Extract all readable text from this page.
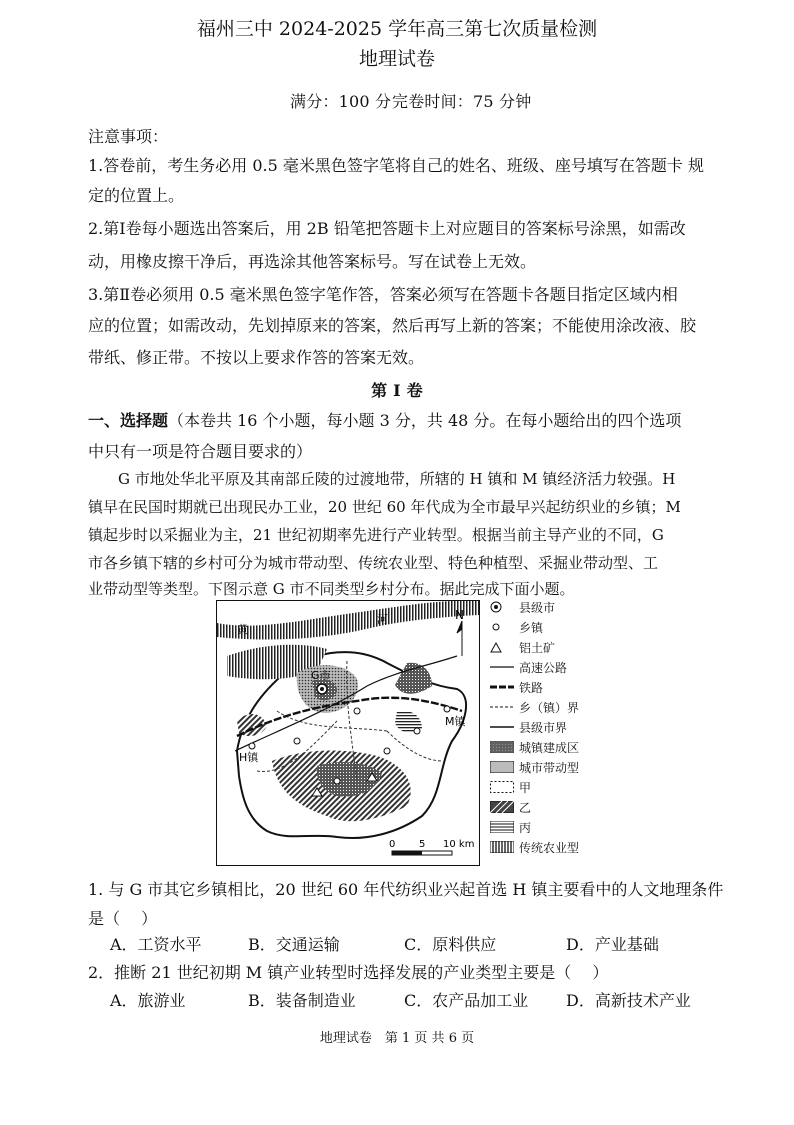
福州三中 2024-2025 学年高三第七次质量检测
地理试卷
满分：100 分 完卷时间：75 分钟
注意事项：
1.答卷前，考生务必用 0.5 毫米黑色签字笔将自己的姓名、班级、座号填写在答题卡 规
定的位置上。
2.第Ⅰ卷每小题选出答案后，用 2B 铅笔把答题卡上对应题目的答案标号涂黑，如需改
动，用橡皮擦干净后，再选涂其他答案标号。写在试卷上无效。
3.第Ⅱ卷必须用 0.5 毫米黑色签字笔作答，答案必须写在答题卡各题目指定区域内相
应的位置；如需改动，先划掉原来的答案，然后再写上新的答案；不能使用涂改液、胶
带纸、修正带。不按以上要求作答的答案无效。
第 I 卷
一、选择题（本卷共 16 个小题，每小题 3 分，共 48 分。在每小题给出的四个选项
中只有一项是符合题目要求的）
G 市地处华北平原及其南部丘陵的过渡地带，所辖的 H 镇和 M 镇经济活力较强。H
镇早在民国时期就已出现民办工业，20 世纪 60 年代成为全市最早兴起纺织业的乡镇；M
镇起步时以采掘业为主，21 世纪初期率先进行产业转型。根据当前主导产业的不同，G
市各乡镇下辖的乡村可分为城市带动型、传统农业型、特色种植型、采掘业带动型、工
业带动型等类型。下图示意 G 市不同类型乡村分布。据此完成下面小题。
河
黄
G市
M镇
H镇
N
0 5 10 km
县级市
乡镇
铝土矿
高速公路
铁路
乡（镇）界
县级市界
城镇建成区
城市带动型
甲
乙
丙
传统农业型
1. 与 G 市其它乡镇相比，20 世纪 60 年代纺织业兴起首选 H 镇主要看中的人文地理条件
是（　 ）
A．工资水平	B．交通运输	C．原料供应	D．产业基础
2．推断 21 世纪初期 M 镇产业转型时选择发展的产业类型主要是（　 ）
A．旅游业	B．装备制造业	C．农产品加工业 D．高新技术产业
地理试卷　第 1 页 共 6 页
